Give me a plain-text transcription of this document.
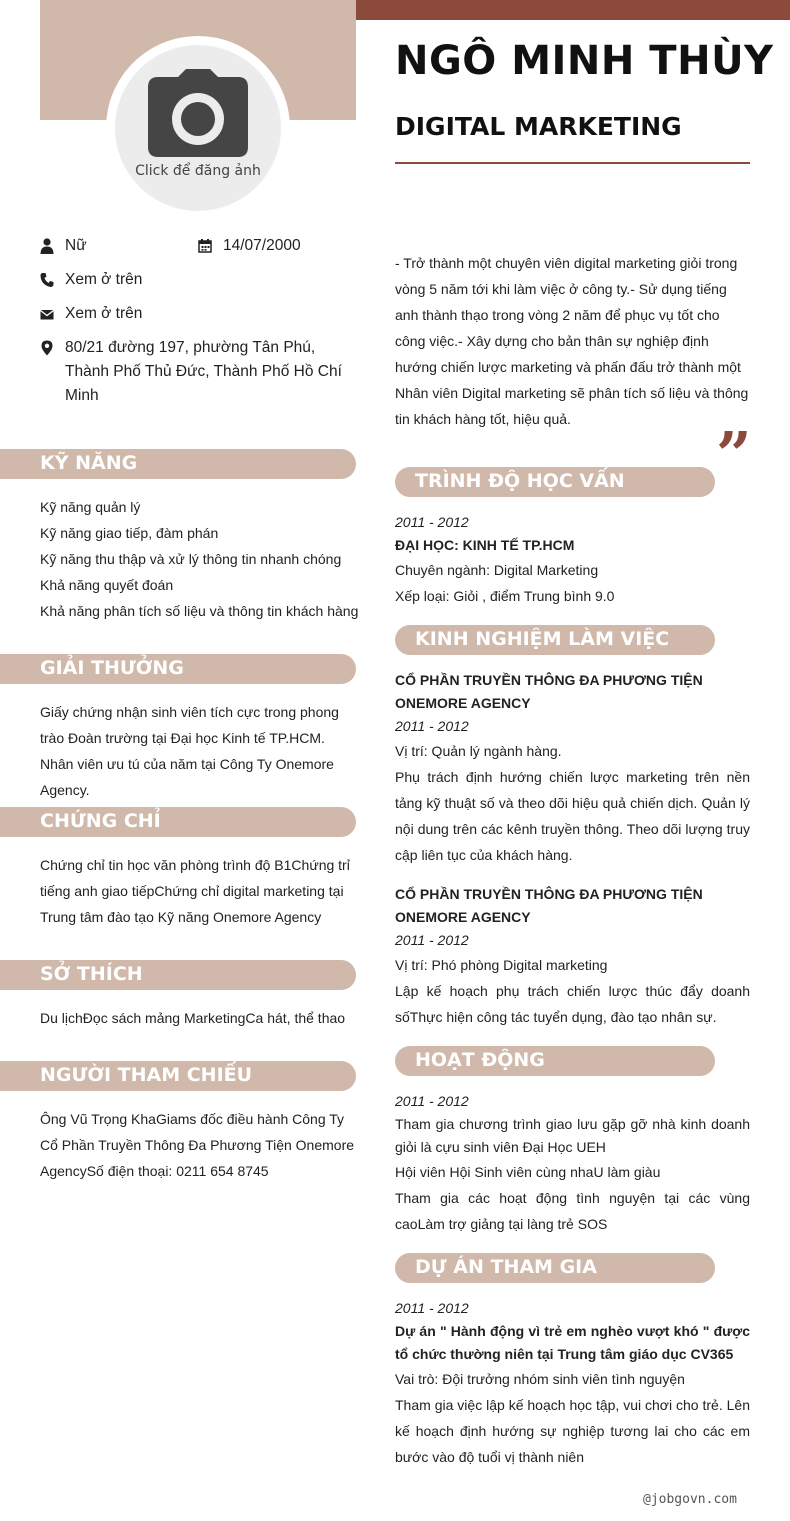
Click để đăng ảnh
NGÔ MINH THÙY
DIGITAL MARKETING
Nữ	14/07/2000
Xem ở trên
Xem ở trên
80/21 đường 197, phường Tân Phú, Thành Phố Thủ Đức, Thành Phố Hồ Chí Minh
KỸ NĂNG
Kỹ năng quản lý
Kỹ năng giao tiếp, đàm phán
Kỹ năng thu thập và xử lý thông tin nhanh chóng
Khả năng quyết đoán
Khả năng phân tích số liệu và thông tin khách hàng
GIẢI THƯỞNG
Giấy chứng nhận sinh viên tích cực trong phong trào Đoàn trường tại Đại học Kinh tế TP.HCM. Nhân viên ưu tú của năm tại Công Ty Onemore Agency.
CHỨNG CHỈ
Chứng chỉ tin học văn phòng trình độ B1Chứng trỉ tiếng anh giao tiếpChứng chỉ digital marketing tại Trung tâm đào tạo Kỹ năng Onemore Agency
SỞ THÍCH
Du lịchĐọc sách mảng MarketingCa hát, thể thao
NGƯỜI THAM CHIẾU
Ông Vũ Trọng KhaGiams đốc điều hành Công Ty Cổ Phần Truyền Thông Đa Phương Tiện Onemore AgencySố điện thoại: 0211 654 8745
- Trở thành một chuyên viên digital marketing giỏi trong vòng 5 năm tới khi làm việc ở công ty.- Sử dụng tiếng anh thành thạo trong vòng 2 năm để phục vụ tốt cho công việc.- Xây dựng cho bản thân sự nghiệp định hướng chiến lược marketing và phấn đấu trở thành một Nhân viên Digital marketing sẽ phân tích số liệu và thông tin khách hàng tốt, hiệu quả.	”
TRÌNH ĐỘ HỌC VẤN
2011 - 2012
ĐẠI HỌC: KINH TẾ TP.HCM
Chuyên ngành: Digital Marketing
Xếp loại: Giỏi , điểm Trung bình 9.0
KINH NGHIỆM LÀM VIỆC
CỔ PHẦN TRUYỀN THÔNG ĐA PHƯƠNG TIỆN ONEMORE AGENCY
2011 - 2012
Vị trí: Quản lý ngành hàng.
Phụ trách định hướng chiến lược marketing trên nền tảng kỹ thuật số và theo dõi hiệu quả chiến dịch. Quản lý nội dung trên các kênh truyền thông. Theo dõi lượng truy cập liên tục của khách hàng.
CỔ PHẦN TRUYỀN THÔNG ĐA PHƯƠNG TIỆN ONEMORE AGENCY
2011 - 2012
Vị trí: Phó phòng Digital marketing
Lập kế hoạch phụ trách chiến lược thúc đẩy doanh sốThực hiện công tác tuyển dụng, đào tạo nhân sự.
HOẠT ĐỘNG
2011 - 2012
Tham gia chương trình giao lưu gặp gỡ nhà kinh doanh giỏi là cựu sinh viên Đại Học UEH
Hội viên Hội Sinh viên cùng nhaU làm giàu
Tham gia các hoạt động tình nguyện tại các vùng caoLàm trợ giảng tại làng trẻ SOS
DỰ ÁN THAM GIA
2011 - 2012
Dự án " Hành động vì trẻ em nghèo vượt khó " được tổ chức thường niên tại Trung tâm giáo dục CV365
Vai trò: Đội trưởng nhóm sinh viên tình nguyện
Tham gia việc lập kế hoạch học tập, vui chơi cho trẻ. Lên kế hoạch định hướng sự nghiệp tương lai cho các em bước vào độ tuổi vị thành niên
@jobgovn.com
